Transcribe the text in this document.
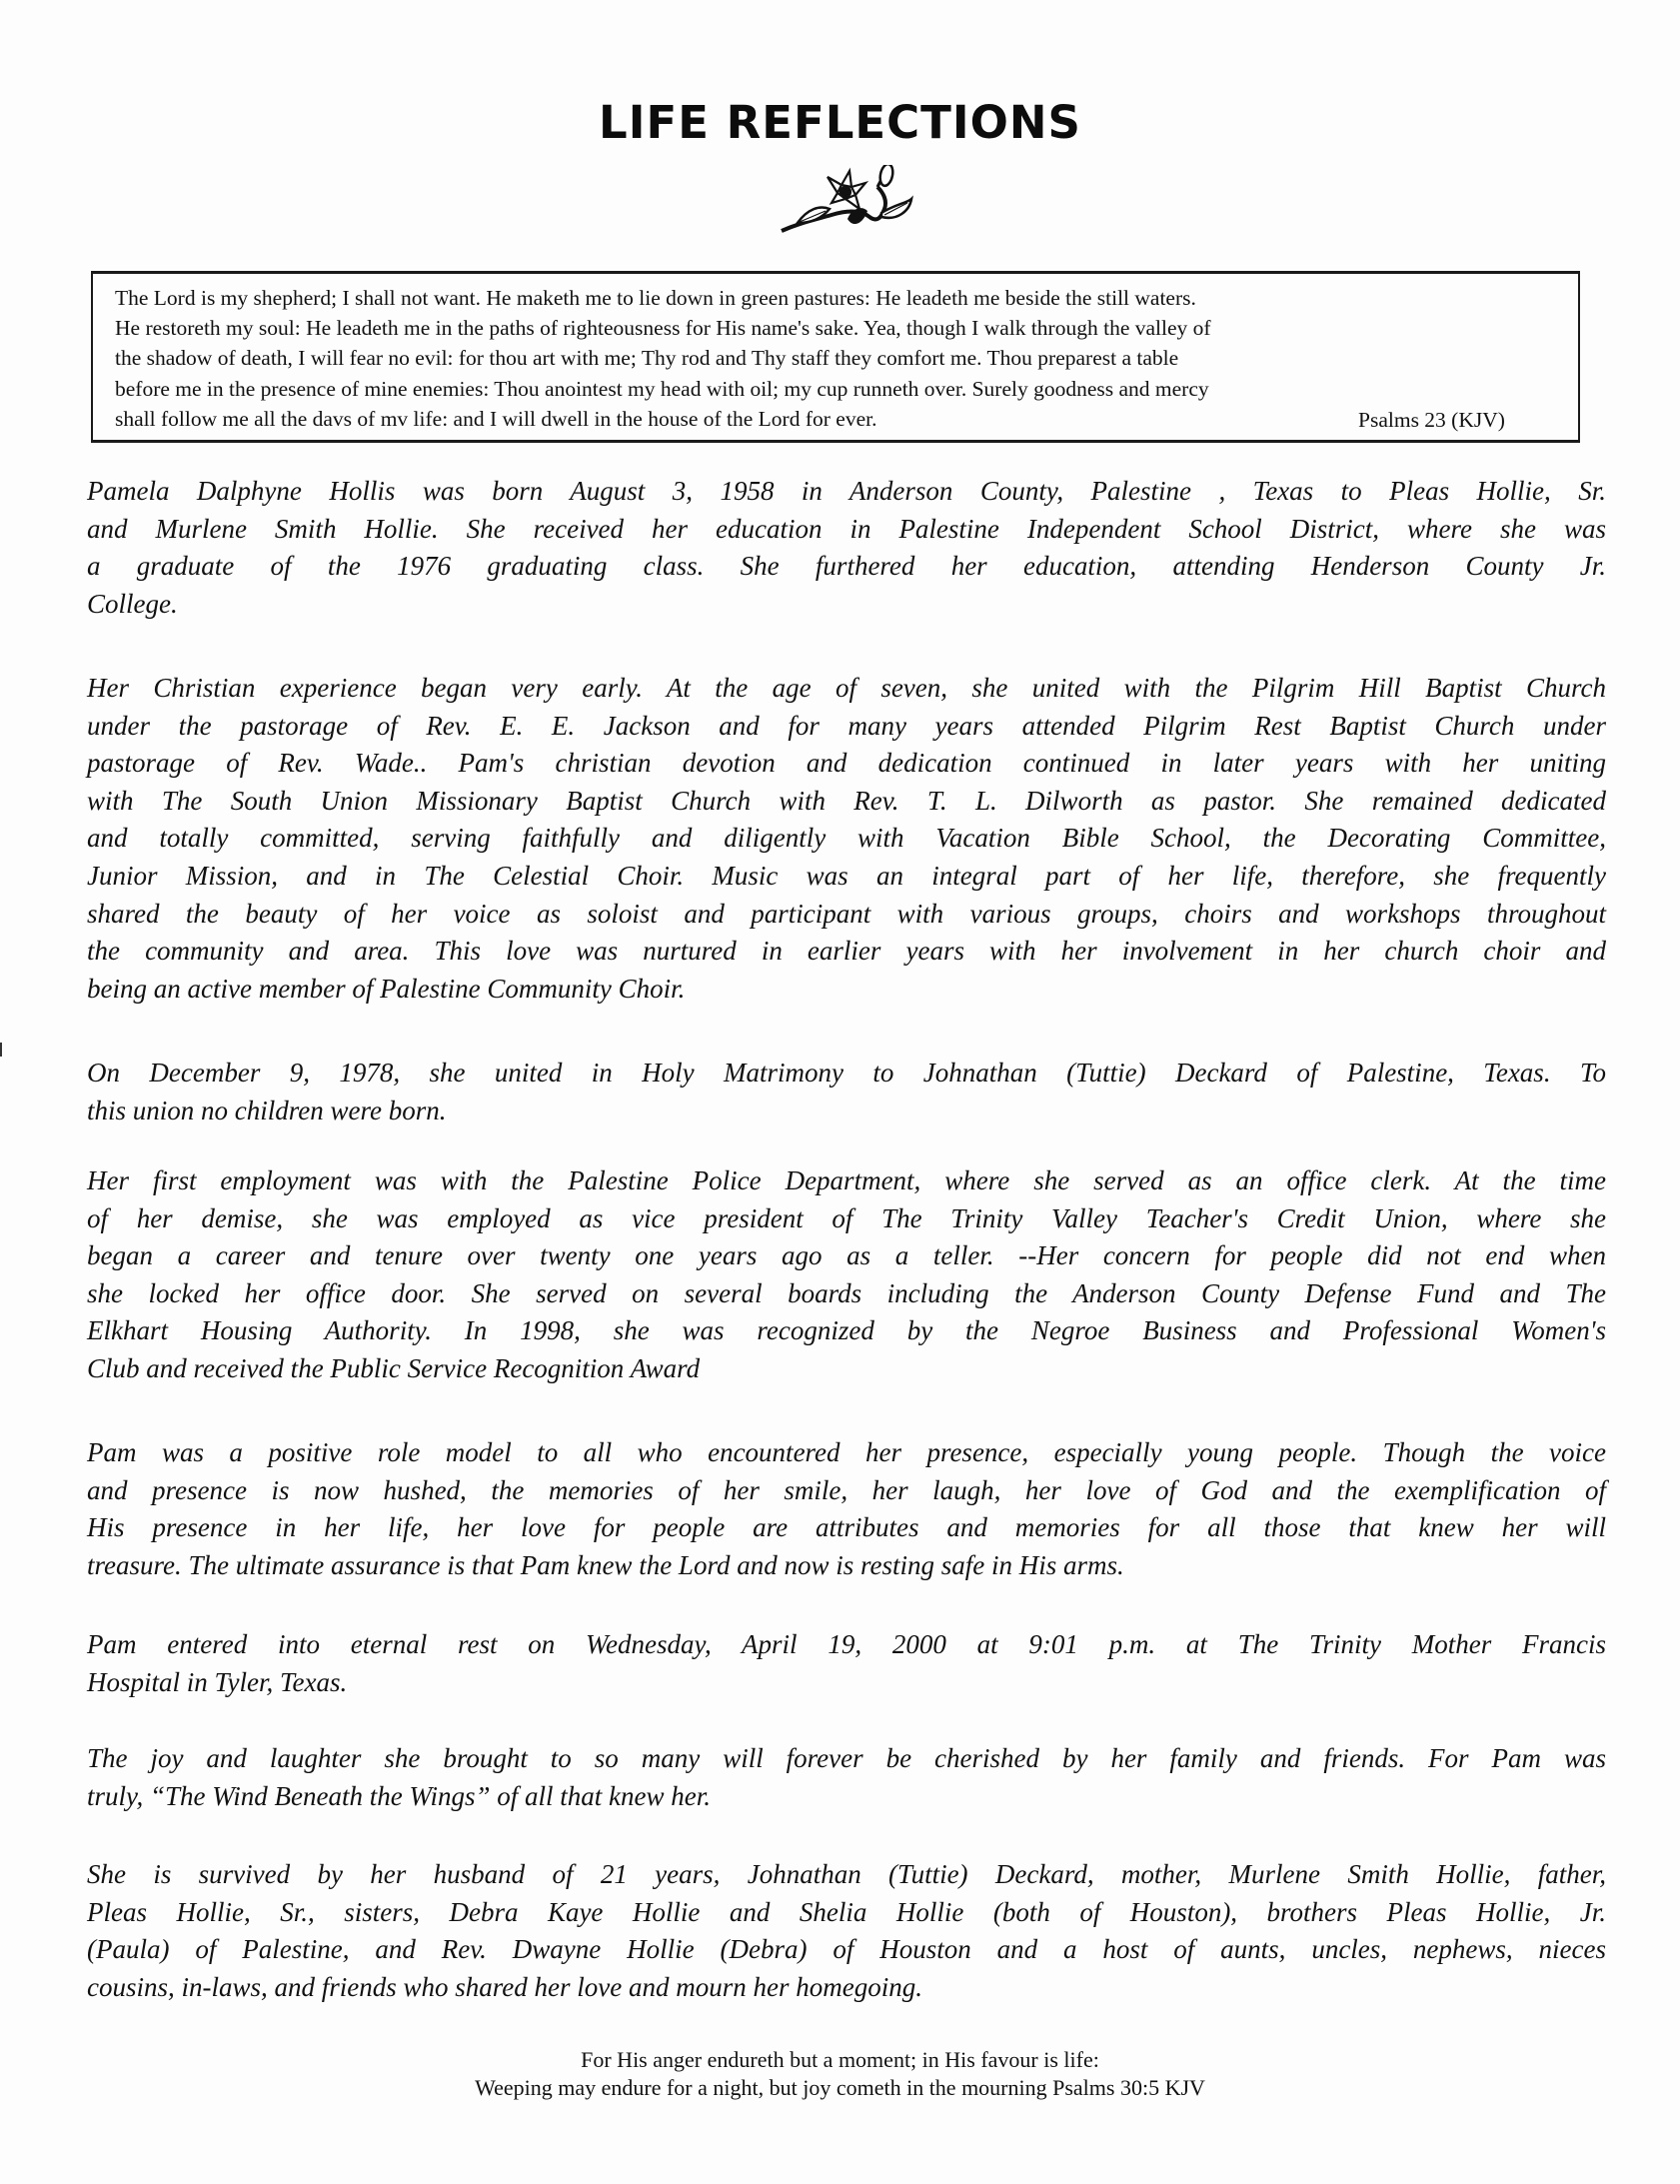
LIFE REFLECTIONS
The Lord is my shepherd; I shall not want. He maketh me to lie down in green pastures: He leadeth me beside the still waters.
He restoreth my soul: He leadeth me in the paths of righteousness for His name's sake. Yea, though I walk through the valley of
the shadow of death, I will fear no evil: for thou art with me; Thy rod and Thy staff they comfort me. Thou preparest a table
before me in the presence of mine enemies: Thou anointest my head with oil; my cup runneth over. Surely goodness and mercy
shall follow me all the davs of mv life: and I will dwell in the house of the Lord for ever.	Psalms 23 (KJV)
Pamela Dalphyne Hollis was born August 3, 1958 in Anderson County, Palestine , Texas to Pleas Hollie, Sr.
and Murlene Smith Hollie. She received her education in Palestine Independent School District, where she was
a graduate of the 1976 graduating class. She furthered her education, attending Henderson County Jr.
College.
Her Christian experience began very early. At the age of seven, she united with the Pilgrim Hill Baptist Church
under the pastorage of Rev. E. E. Jackson and for many years attended Pilgrim Rest Baptist Church under
pastorage of Rev. Wade.. Pam's christian devotion and dedication continued in later years with her uniting
with The South Union Missionary Baptist Church with Rev. T. L. Dilworth as pastor. She remained dedicated
and totally committed, serving faithfully and diligently with Vacation Bible School, the Decorating Committee,
Junior Mission, and in The Celestial Choir. Music was an integral part of her life, therefore, she frequently
shared the beauty of her voice as soloist and participant with various groups, choirs and workshops throughout
the community and area. This love was nurtured in earlier years with her involvement in her church choir and
being an active member of Palestine Community Choir.
On December 9, 1978, she united in Holy Matrimony to Johnathan (Tuttie) Deckard of Palestine, Texas. To
this union no children were born.
Her first employment was with the Palestine Police Department, where she served as an office clerk. At the time
of her demise, she was employed as vice president of The Trinity Valley Teacher's Credit Union, where she
began a career and tenure over twenty one years ago as a teller. --Her concern for people did not end when
she locked her office door. She served on several boards including the Anderson County Defense Fund and The
Elkhart Housing Authority. In 1998, she was recognized by the Negroe Business and Professional Women's
Club and received the Public Service Recognition Award
Pam was a positive role model to all who encountered her presence, especially young people. Though the voice
and presence is now hushed, the memories of her smile, her laugh, her love of God and the exemplification of
His presence in her life, her love for people are attributes and memories for all those that knew her will
treasure. The ultimate assurance is that Pam knew the Lord and now is resting safe in His arms.
Pam entered into eternal rest on Wednesday, April 19, 2000 at 9:01 p.m. at The Trinity Mother Francis
Hospital in Tyler, Texas.
The joy and laughter she brought to so many will forever be cherished by her family and friends. For Pam was
truly, “The Wind Beneath the Wings” of all that knew her.
She is survived by her husband of 21 years, Johnathan (Tuttie) Deckard, mother, Murlene Smith Hollie, father,
Pleas Hollie, Sr., sisters, Debra Kaye Hollie and Shelia Hollie (both of Houston), brothers Pleas Hollie, Jr.
(Paula) of Palestine, and Rev. Dwayne Hollie (Debra) of Houston and a host of aunts, uncles, nephews, nieces
cousins, in-laws, and friends who shared her love and mourn her homegoing.
For His anger endureth but a moment; in His favour is life:
Weeping may endure for a night, but joy cometh in the mourning Psalms 30:5 KJV
